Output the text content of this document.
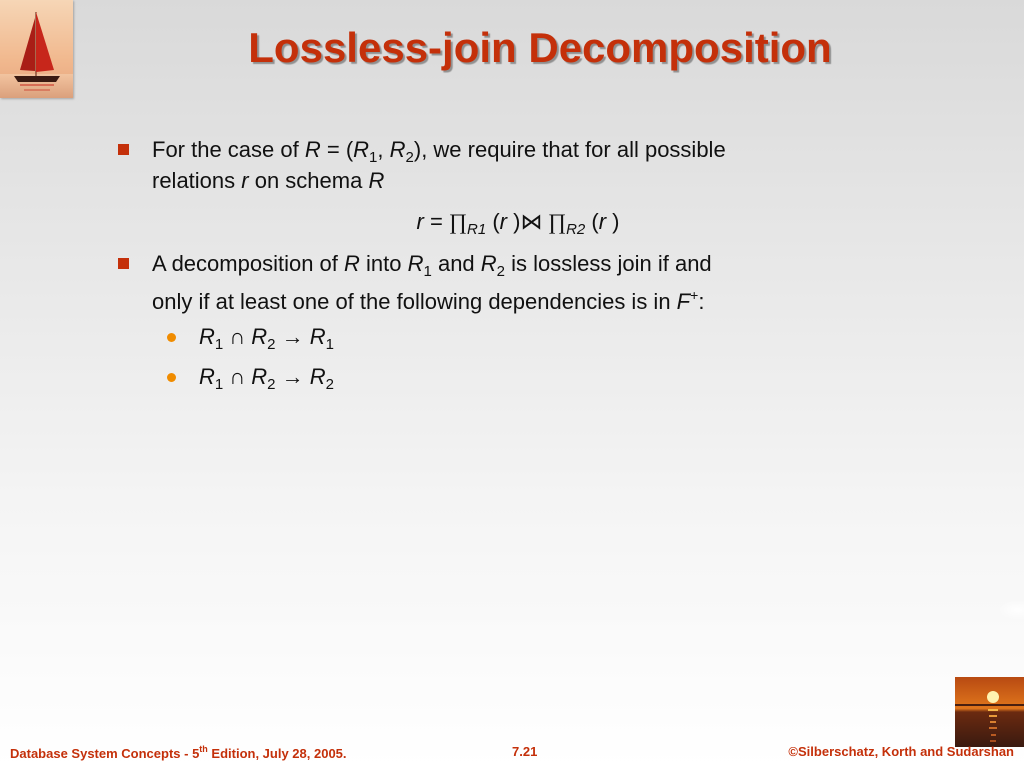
Lossless-join Decomposition
For the case of $R = (R_1$, $R_2$), we require that for all possible
relations r on schema R
$r = \prod_{R1}$ (r )⋈ $\prod_{R2}$ (r )
A decomposition of R into $R_1$ and $R_2$ is lossless join if and
only if at least one of the following dependencies is in F+:
$R_1$ ∩ $R_2 \to R_1$
$R_1$ ∩ $R_2 \to R_2$
Database System Concepts - 5th Edition, July 28, 2005.	7.21	©Silberschatz, Korth and Sudarshan
